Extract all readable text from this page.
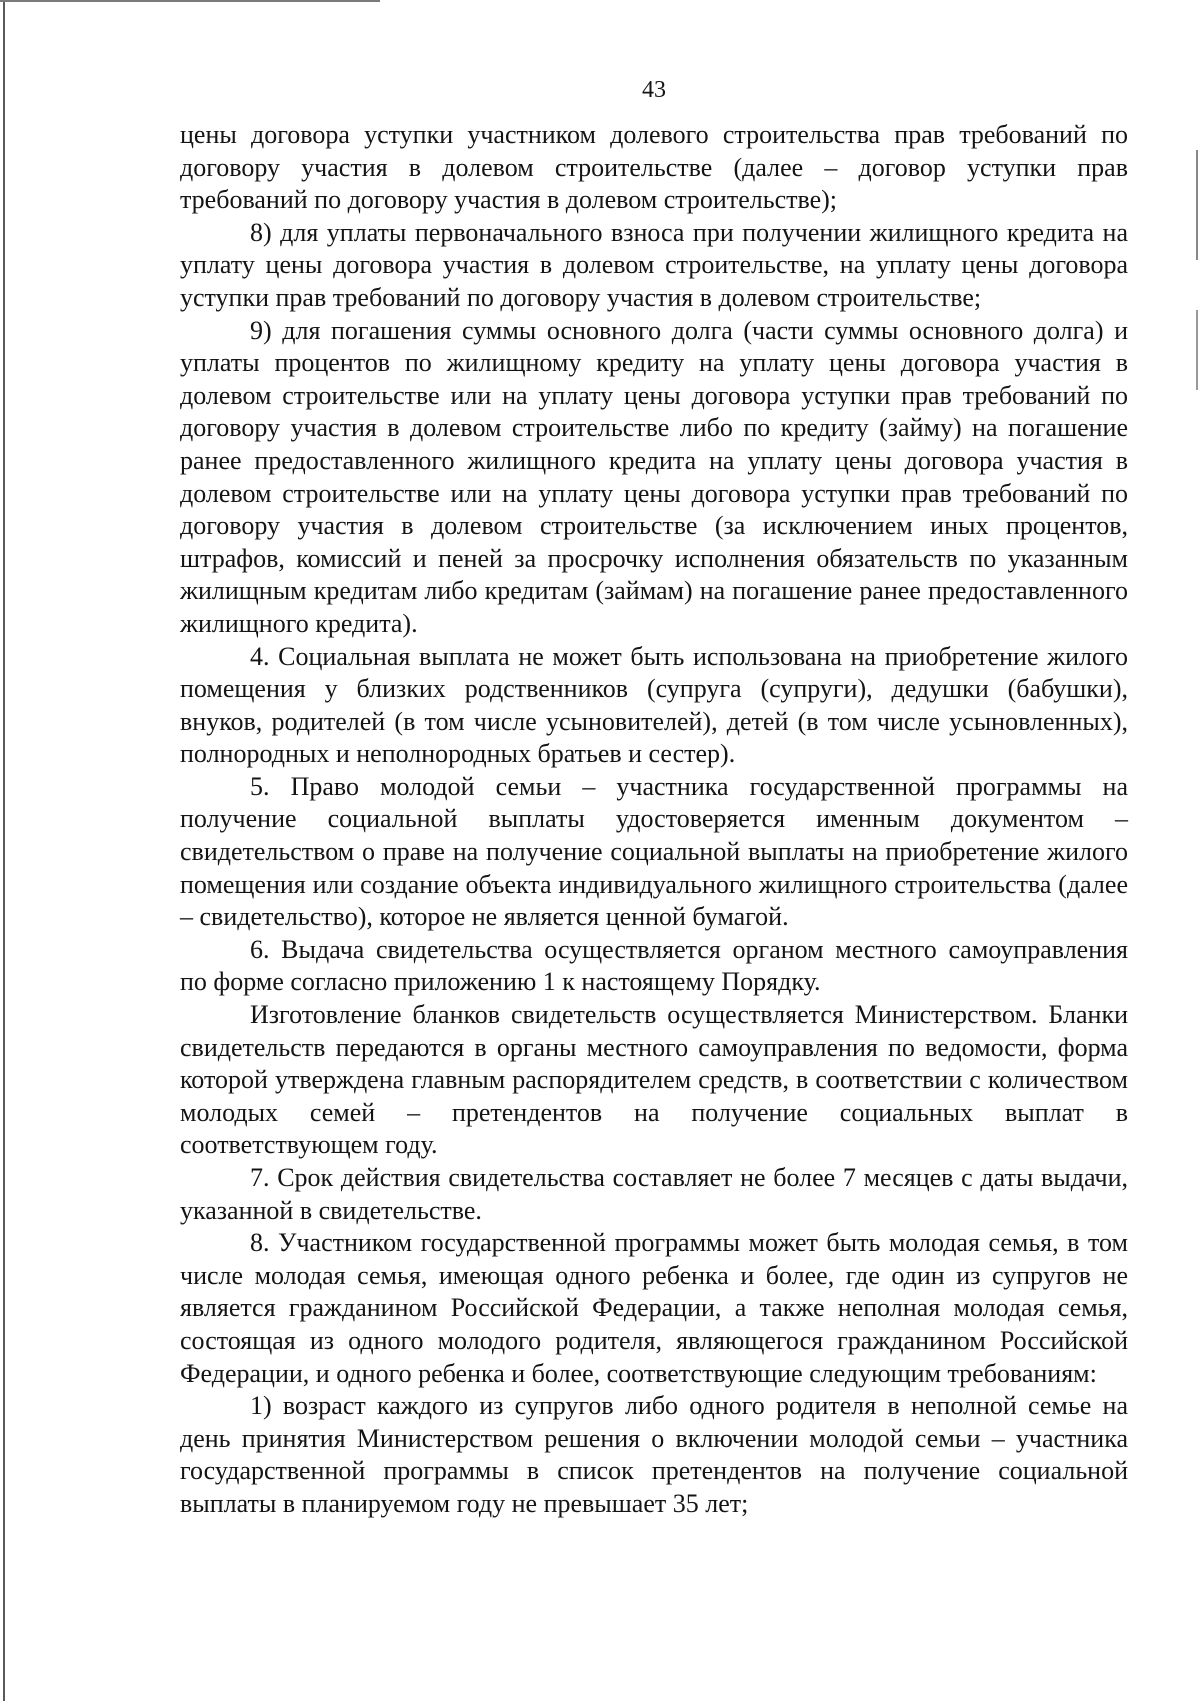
43

цены договора уступки участником долевого строительства прав требований по договору участия в долевом строительстве (далее – договор уступки прав требований по договору участия в долевом строительстве);

8) для уплаты первоначального взноса при получении жилищного кредита на уплату цены договора участия в долевом строительстве, на уплату цены договора уступки прав требований по договору участия в долевом строительстве;

9) для погашения суммы основного долга (части суммы основного долга) и уплаты процентов по жилищному кредиту на уплату цены договора участия в долевом строительстве или на уплату цены договора уступки прав требований по договору участия в долевом строительстве либо по кредиту (займу) на погашение ранее предоставленного жилищного кредита на уплату цены договора участия в долевом строительстве или на уплату цены договора уступки прав требований по договору участия в долевом строительстве (за исключением иных процентов, штрафов, комиссий и пеней за просрочку исполнения обязательств по указанным жилищным кредитам либо кредитам (займам) на погашение ранее предоставленного жилищного кредита).

4. Социальная выплата не может быть использована на приобретение жилого помещения у близких родственников (супруга (супруги), дедушки (бабушки), внуков, родителей (в том числе усыновителей), детей (в том числе усыновленных), полнородных и неполнородных братьев и сестер).

5. Право молодой семьи – участника государственной программы на получение социальной выплаты удостоверяется именным документом – свидетельством о праве на получение социальной выплаты на приобретение жилого помещения или создание объекта индивидуального жилищного строительства (далее – свидетельство), которое не является ценной бумагой.

6. Выдача свидетельства осуществляется органом местного самоуправления по форме согласно приложению 1 к настоящему Порядку.

Изготовление бланков свидетельств осуществляется Министерством. Бланки свидетельств передаются в органы местного самоуправления по ведомости, форма которой утверждена главным распорядителем средств, в соответствии с количеством молодых семей – претендентов на получение социальных выплат в соответствующем году.

7. Срок действия свидетельства составляет не более 7 месяцев с даты выдачи, указанной в свидетельстве.

8. Участником государственной программы может быть молодая семья, в том числе молодая семья, имеющая одного ребенка и более, где один из супругов не является гражданином Российской Федерации, а также неполная молодая семья, состоящая из одного молодого родителя, являющегося гражданином Российской Федерации, и одного ребенка и более, соответствующие следующим требованиям:

1) возраст каждого из супругов либо одного родителя в неполной семье на день принятия Министерством решения о включении молодой семьи – участника государственной программы в список претендентов на получение социальной выплаты в планируемом году не превышает 35 лет;
